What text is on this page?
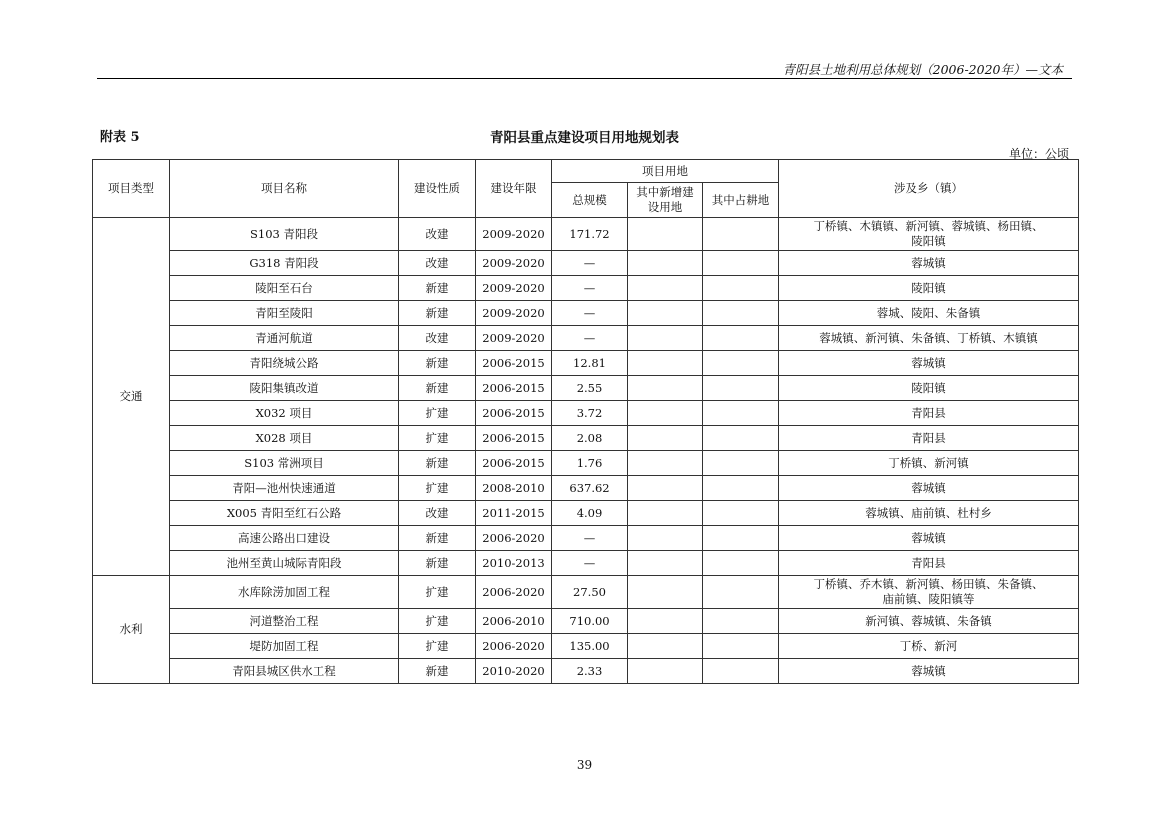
青阳县土地利用总体规划（2006-2020年）—文本
附表 5	青阳县重点建设项目用地规划表
单位：公顷
项目类型	项目名称	建设性质	建设年限	项目用地			涉及乡（镇）
				总规模	其中新增建设用地	其中占耕地	
交通	S103 青阳段	改建	2009-2020	171.72			丁桥镇、木镇镇、新河镇、蓉城镇、杨田镇、陵阳镇
	G318 青阳段	改建	2009-2020	—			蓉城镇
	陵阳至石台	新建	2009-2020	—			陵阳镇
	青阳至陵阳	新建	2009-2020	—			蓉城、陵阳、朱备镇
	青通河航道	改建	2009-2020	—			蓉城镇、新河镇、朱备镇、丁桥镇、木镇镇
	青阳绕城公路	新建	2006-2015	12.81			蓉城镇
	陵阳集镇改道	新建	2006-2015	2.55			陵阳镇
	X032 项目	扩建	2006-2015	3.72			青阳县
	X028 项目	扩建	2006-2015	2.08			青阳县
	S103 常洲项目	新建	2006-2015	1.76			丁桥镇、新河镇
	青阳—池州快速通道	扩建	2008-2010	637.62			蓉城镇
	X005 青阳至红石公路	改建	2011-2015	4.09			蓉城镇、庙前镇、杜村乡
	高速公路出口建设	新建	2006-2020	—			蓉城镇
	池州至黄山城际青阳段	新建	2010-2013	—			青阳县
水利	水库除涝加固工程	扩建	2006-2020	27.50			丁桥镇、乔木镇、新河镇、杨田镇、朱备镇、庙前镇、陵阳镇等
	河道整治工程	扩建	2006-2010	710.00			新河镇、蓉城镇、朱备镇
	堤防加固工程	扩建	2006-2020	135.00			丁桥、新河
	青阳县城区供水工程	新建	2010-2020	2.33			蓉城镇
39
